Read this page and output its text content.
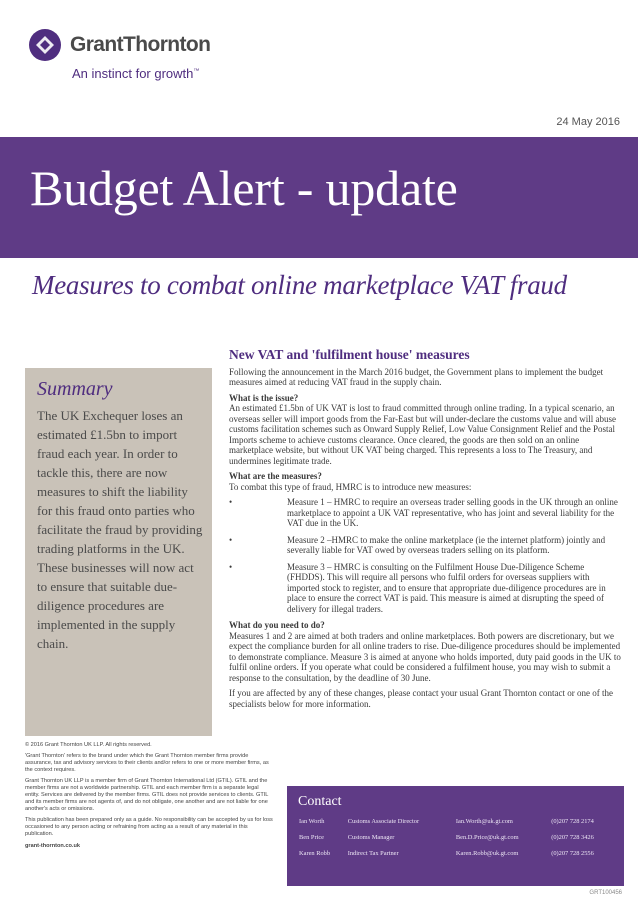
GrantThornton
An instinct for growth™
24 May 2016
Budget Alert - update
Measures to combat online marketplace VAT fraud
Summary
The UK Exchequer loses an estimated £1.5bn to import fraud each year. In order to tackle this, there are now measures to shift the liability for this fraud onto parties who facilitate the fraud by providing trading platforms in the UK. These businesses will now act to ensure that suitable due-diligence procedures are implemented in the supply chain.
New VAT and 'fulfilment house' measures

Following the announcement in the March 2016 budget, the Government plans to implement the budget measures aimed at reducing VAT fraud in the supply chain.

What is the issue?

An estimated £1.5bn of UK VAT is lost to fraud committed through online trading. In a typical scenario, an overseas seller will import goods from the Far-East but will under-declare the customs value and will abuse customs facilitation schemes such as Onward Supply Relief, Low Value Consignment Relief and the Postal Imports scheme to achieve customs clearance. Once cleared, the goods are then sold on an online marketplace website, but without UK VAT being charged. This represents a loss to The Treasury, and undermines legitimate trade.

What are the measures?

To combat this type of fraud, HMRC is to introduce new measures:

• Measure 1 – HMRC to require an overseas trader selling goods in the UK through an online marketplace to appoint a UK VAT representative, who has joint and several liability for the VAT due in the UK.
• Measure 2 –HMRC to make the online marketplace (ie the internet platform) jointly and severally liable for VAT owed by overseas traders selling on its platform.
• Measure 3 – HMRC is consulting on the Fulfilment House Due-Diligence Scheme (FHDDS). This will require all persons who fulfil orders for overseas suppliers with imported stock to register, and to ensure that appropriate due-diligence procedures are in place to ensure the correct VAT is paid. This measure is aimed at disrupting the speed of delivery for illegal traders.

What do you need to do?

Measures 1 and 2 are aimed at both traders and online marketplaces. Both powers are discretionary, but we expect the compliance burden for all online traders to rise. Due-diligence procedures should be implemented to demonstrate compliance. Measure 3 is aimed at anyone who holds imported, duty paid goods in the UK to fulfil online orders. If you operate what could be considered a fulfilment house, you may wish to submit a response to the consultation, by the deadline of 30 June.

If you are affected by any of these changes, please contact your usual Grant Thornton contact or one of the specialists below for more information.

© 2016 Grant Thornton UK LLP. All rights reserved.

'Grant Thornton' refers to the brand under which the Grant Thornton member firms provide assurance, tax and advisory services to their clients and/or refers to one or more member firms, as the context requires.

Grant Thornton UK LLP is a member firm of Grant Thornton International Ltd (GTIL). GTIL and the member firms are not a worldwide partnership. GTIL and each member firm is a separate legal entity. Services are delivered by the member firms. GTIL does not provide services to clients. GTIL and its member firms are not agents of, and do not obligate, one another and are not liable for one another's acts or omissions.

This publication has been prepared only as a guide. No responsibility can be accepted by us for loss occasioned to any person acting or refraining from acting as a result of any material in this publication.

grant-thornton.co.uk

Contact
Ian Worth	Customs Associate Director	Ian.Worth@uk.gt.com	(0)207 728 2174
Ben Price	Customs Manager	Ben.D.Price@uk.gt.com	(0)207 728 3426
Karen Robb	Indirect Tax Partner	Karen.Robb@uk.gt.com	(0)207 728 2556
GRT100456
